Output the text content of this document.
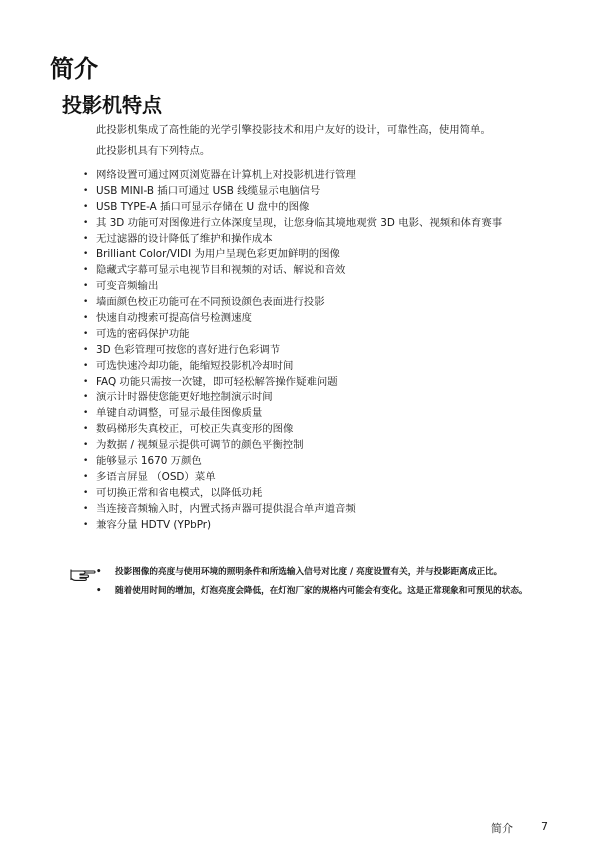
简介
投影机特点

此投影机集成了高性能的光学引擎投影技术和用户友好的设计，可靠性高，使用简单。

此投影机具有下列特点。

• 网络设置可通过网页浏览器在计算机上对投影机进行管理
• USB MINI-B 插口可通过 USB 线缆显示电脑信号
• USB TYPE-A 插口可显示存储在 U 盘中的图像
• 其 3D 功能可对图像进行立体深度呈现，让您身临其境地观赏 3D 电影、视频和体育赛事
• 无过滤器的设计降低了维护和操作成本
• Brilliant Color/VIDI 为用户呈现色彩更加鲜明的图像
• 隐藏式字幕可显示电视节目和视频的对话、解说和音效
• 可变音频输出
• 墙面颜色校正功能可在不同预设颜色表面进行投影
• 快速自动搜索可提高信号检测速度
• 可选的密码保护功能
• 3D 色彩管理可按您的喜好进行色彩调节
• 可选快速冷却功能，能缩短投影机冷却时间
• FAQ 功能只需按一次键，即可轻松解答操作疑难问题
• 演示计时器使您能更好地控制演示时间
• 单键自动调整，可显示最佳图像质量
• 数码梯形失真校正，可校正失真变形的图像
• 为数据 / 视频显示提供可调节的颜色平衡控制
• 能够显示 1670 万颜色
• 多语言屏显 （OSD）菜单
• 可切换正常和省电模式，以降低功耗
• 当连接音频输入时，内置式扬声器可提供混合单声道音频
• 兼容分量 HDTV (YPbPr)
• 投影图像的亮度与使用环境的照明条件和所选输入信号对比度 / 亮度设置有关，并与投影距离成正比。
• 随着使用时间的增加，灯泡亮度会降低，在灯泡厂家的规格内可能会有变化。这是正常现象和可预见的状态。
简介	7
